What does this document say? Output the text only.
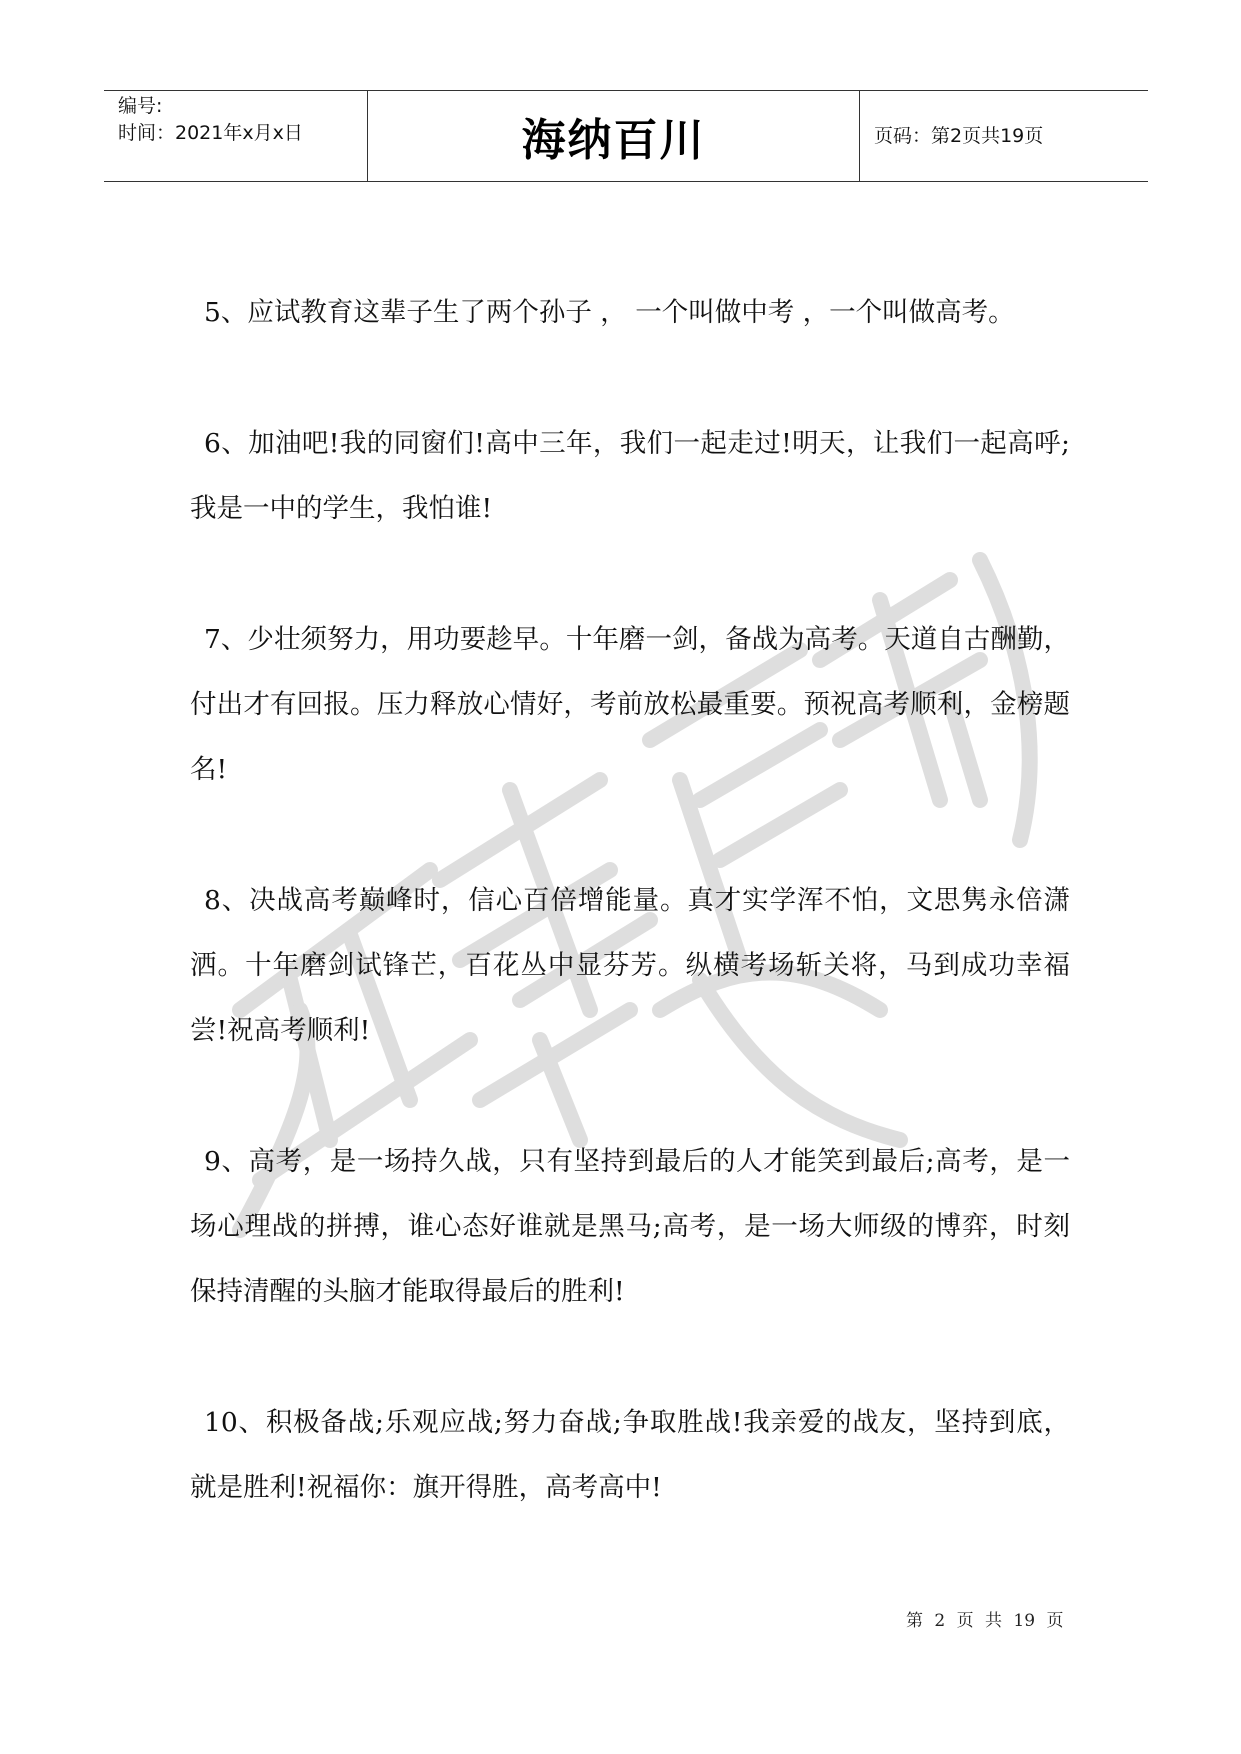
编号:
时间：2021年x月x日	海纳百川	页码：第2页共19页

5、应试教育这辈子生了两个孙子 ， 一个叫做中考 ，一个叫做高考。

6、加油吧!我的同窗们!高中三年，我们一起走过!明天，让我们一起高呼;我是一中的学生，我怕谁!

7、少壮须努力，用功要趁早。十年磨一剑，备战为高考。天道自古酬勤，付出才有回报。压力释放心情好，考前放松最重要。预祝高考顺利，金榜题名!

8、决战高考巅峰时，信心百倍增能量。真才实学浑不怕，文思隽永倍潇洒。十年磨剑试锋芒，百花丛中显芬芳。纵横考场斩关将，马到成功幸福尝!祝高考顺利!

9、高考，是一场持久战，只有坚持到最后的人才能笑到最后;高考，是一场心理战的拼搏，谁心态好谁就是黑马;高考，是一场大师级的博弈，时刻保持清醒的头脑才能取得最后的胜利!

10、积极备战;乐观应战;努力奋战;争取胜战!我亲爱的战友，坚持到底，就是胜利!祝福你：旗开得胜，高考高中!

第 2 页 共 19 页
